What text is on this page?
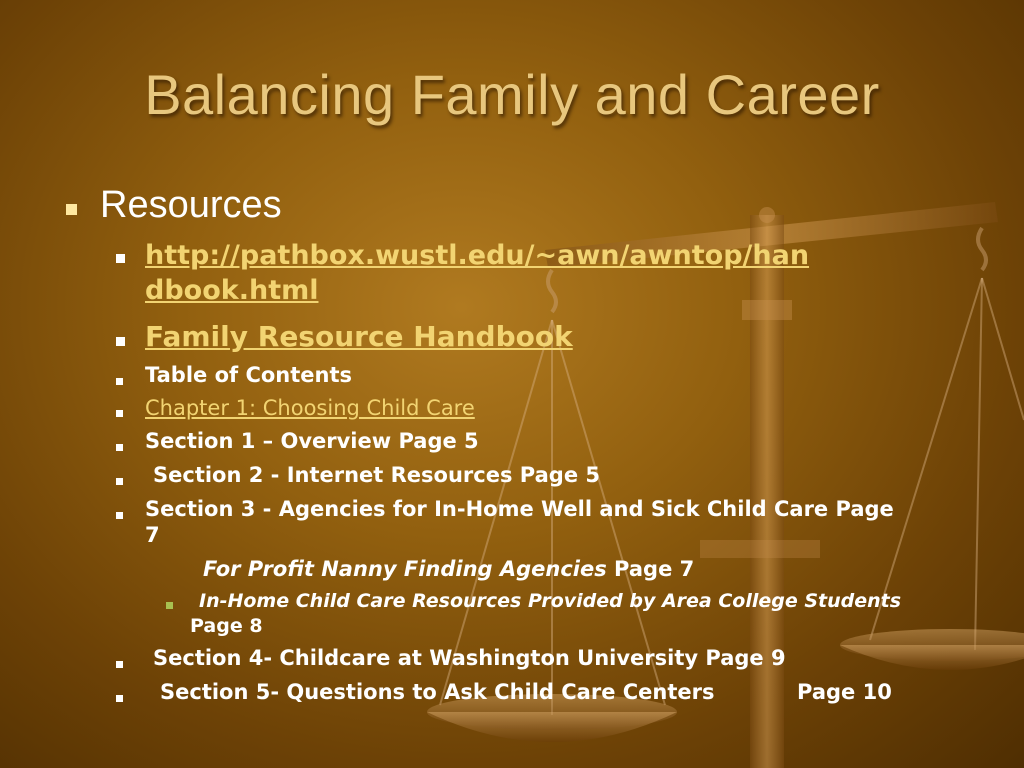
Balancing Family and Career
Resources
http://pathbox.wustl.edu/~awn/awntop/han
dbook.html
Family Resource Handbook
Table of Contents
Chapter 1: Choosing Child Care
Section 1 – Overview Page 5
Section 2 - Internet Resources Page 5
Section 3 - Agencies for In-Home Well and Sick Child Care Page
7
For Profit Nanny Finding Agencies Page 7
In-Home Child Care Resources Provided by Area College Students
Page 8
Section 4- Childcare at Washington University Page 9
Section 5- Questions to Ask Child Care Centers	Page 10
